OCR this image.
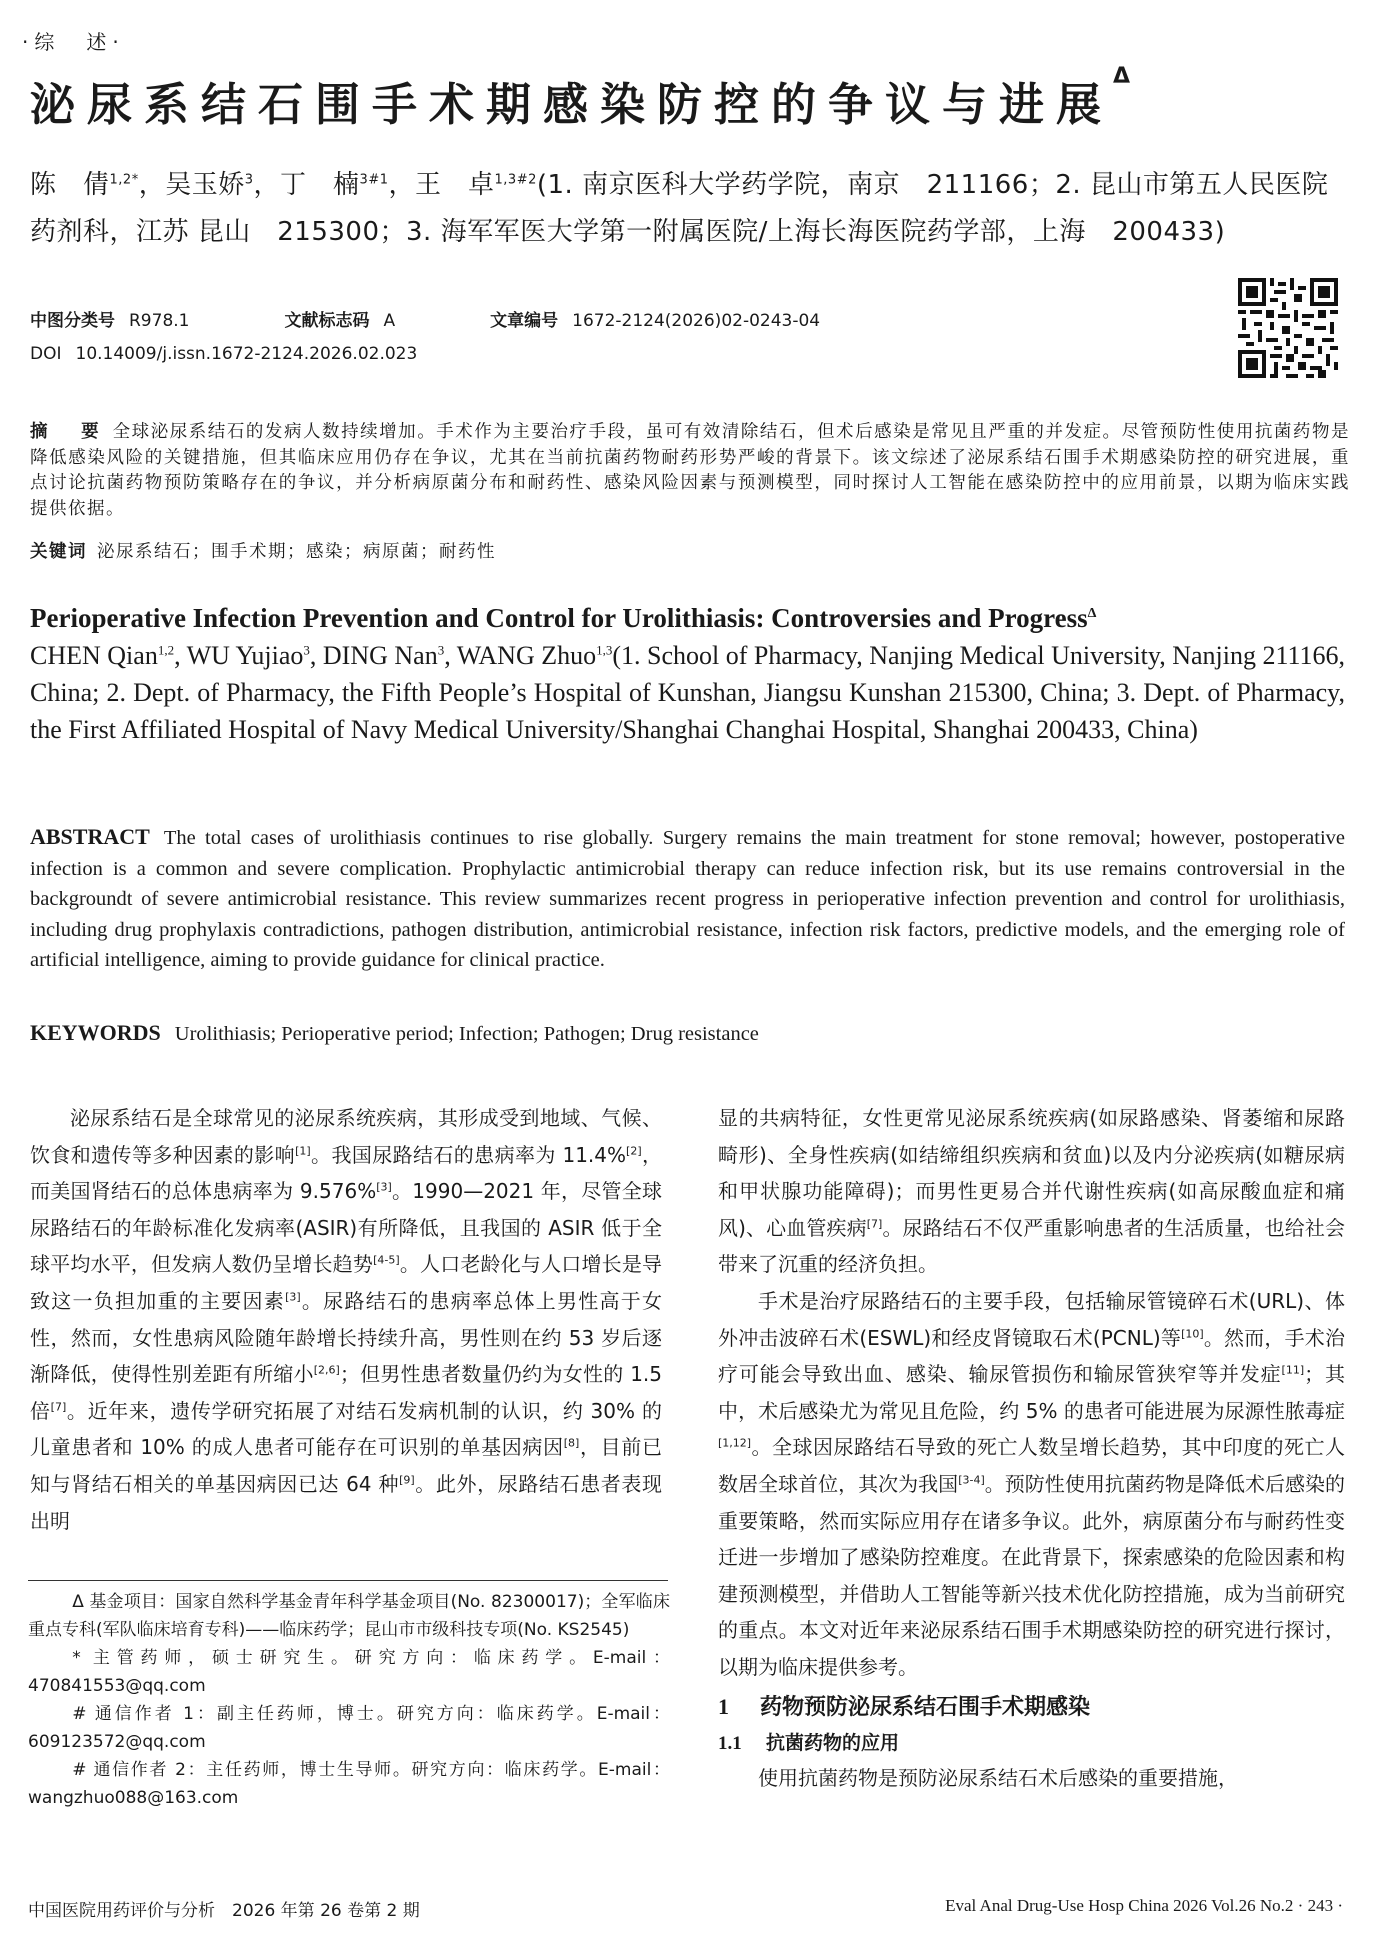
·综　述·
泌尿系结石围手术期感染防控的争议与进展$^\Delta$
陈　倩$^{1,2*}$，吴玉娇$^3$，丁　楠$^{3\#1}$，王　卓$^{1,3\#2}$(1. 南京医科大学药学院，南京　211166；2. 昆山市第五人民医院药剂科，江苏 昆山　215300；3. 海军军医大学第一附属医院/上海长海医院药学部，上海　200433)
中图分类号 R978.1	文献标志码 A	文章编号 1672-2124(2026)02-0243-04
DOI 10.14009/j.issn.1672-2124.2026.02.023
摘　要 全球泌尿系结石的发病人数持续增加。手术作为主要治疗手段，虽可有效清除结石，但术后感染是常见且严重的并发症。尽管预防性使用抗菌药物是降低感染风险的关键措施，但其临床应用仍存在争议，尤其在当前抗菌药物耐药形势严峻的背景下。该文综述了泌尿系结石围手术期感染防控的研究进展，重点讨论抗菌药物预防策略存在的争议，并分析病原菌分布和耐药性、感染风险因素与预测模型，同时探讨人工智能在感染防控中的应用前景，以期为临床实践提供依据。
关键词 泌尿系结石；围手术期；感染；病原菌；耐药性
Perioperative Infection Prevention and Control for Urolithiasis: Controversies and Progress$^\Delta$
CHEN Qian$^{1,2}$, WU Yujiao$^3$, DING Nan$^3$, WANG Zhuo$^{1,3}$(1. School of Pharmacy, Nanjing Medical University, Nanjing 211166, China; 2. Dept. of Pharmacy, the Fifth People’s Hospital of Kunshan, Jiangsu Kunshan 215300, China; 3. Dept. of Pharmacy, the First Affiliated Hospital of Navy Medical University/Shanghai Changhai Hospital, Shanghai 200433, China)
ABSTRACT The total cases of urolithiasis continues to rise globally. Surgery remains the main treatment for stone removal; however, postoperative infection is a common and severe complication. Prophylactic antimicrobial therapy can reduce infection risk, but its use remains controversial in the backgroundt of severe antimicrobial resistance. This review summarizes recent progress in perioperative infection prevention and control for urolithiasis, including drug prophylaxis contradictions, pathogen distribution, antimicrobial resistance, infection risk factors, predictive models, and the emerging role of artificial intelligence, aiming to provide guidance for clinical practice.
KEYWORDS Urolithiasis; Perioperative period; Infection; Pathogen; Drug resistance

泌尿系结石是全球常见的泌尿系统疾病，其形成受到地域、气候、饮食和遗传等多种因素的影响[1]。我国尿路结石的患病率为 11.4%[2]，而美国肾结石的总体患病率为 9.576%[3]。1990—2021 年，尽管全球尿路结石的年龄标准化发病率(ASIR)有所降低，且我国的 ASIR 低于全球平均水平，但发病人数仍呈增长趋势[4-5]。人口老龄化与人口增长是导致这一负担加重的主要因素[3]。尿路结石的患病率总体上男性高于女性，然而，女性患病风险随年龄增长持续升高，男性则在约 53 岁后逐渐降低，使得性别差距有所缩小[2,6]；但男性患者数量仍约为女性的 1.5 倍[7]。近年来，遗传学研究拓展了对结石发病机制的认识，约 30% 的儿童患者和 10% 的成人患者可能存在可识别的单基因病因[8]，目前已知与肾结石相关的单基因病因已达 64 种[9]。此外，尿路结石患者表现出明

Δ 基金项目：国家自然科学基金青年科学基金项目(No. 82300017)；全军临床重点专科(军队临床培育专科)——临床药学；昆山市市级科技专项(No. KS2545)

* 主管药师，硕士研究生。研究方向：临床药学。E-mail：470841553@qq.com

# 通信作者 1：副主任药师，博士。研究方向：临床药学。E-mail：609123572@qq.com

# 通信作者 2：主任药师，博士生导师。研究方向：临床药学。E-mail：wangzhuo088@163.com

显的共病特征，女性更常见泌尿系统疾病(如尿路感染、肾萎缩和尿路畸形)、全身性疾病(如结缔组织疾病和贫血)以及内分泌疾病(如糖尿病和甲状腺功能障碍)；而男性更易合并代谢性疾病(如高尿酸血症和痛风)、心血管疾病[7]。尿路结石不仅严重影响患者的生活质量，也给社会带来了沉重的经济负担。

手术是治疗尿路结石的主要手段，包括输尿管镜碎石术(URL)、体外冲击波碎石术(ESWL)和经皮肾镜取石术(PCNL)等[10]。然而，手术治疗可能会导致出血、感染、输尿管损伤和输尿管狭窄等并发症[11]；其中，术后感染尤为常见且危险，约 5% 的患者可能进展为尿源性脓毒症[1,12]。全球因尿路结石导致的死亡人数呈增长趋势，其中印度的死亡人数居全球首位，其次为我国[3-4]。预防性使用抗菌药物是降低术后感染的重要策略，然而实际应用存在诸多争议。此外，病原菌分布与耐药性变迁进一步增加了感染防控难度。在此背景下，探索感染的危险因素和构建预测模型，并借助人工智能等新兴技术优化防控措施，成为当前研究的重点。本文对近年来泌尿系结石围手术期感染防控的研究进行探讨，以期为临床提供参考。

1 药物预防泌尿系结石围手术期感染
1.1 抗菌药物的应用

使用抗菌药物是预防泌尿系结石术后感染的重要措施，

中国医院用药评价与分析　2026 年第 26 卷第 2 期	Eval Anal Drug-Use Hosp China 2026 Vol.26 No.2 · 243 ·
